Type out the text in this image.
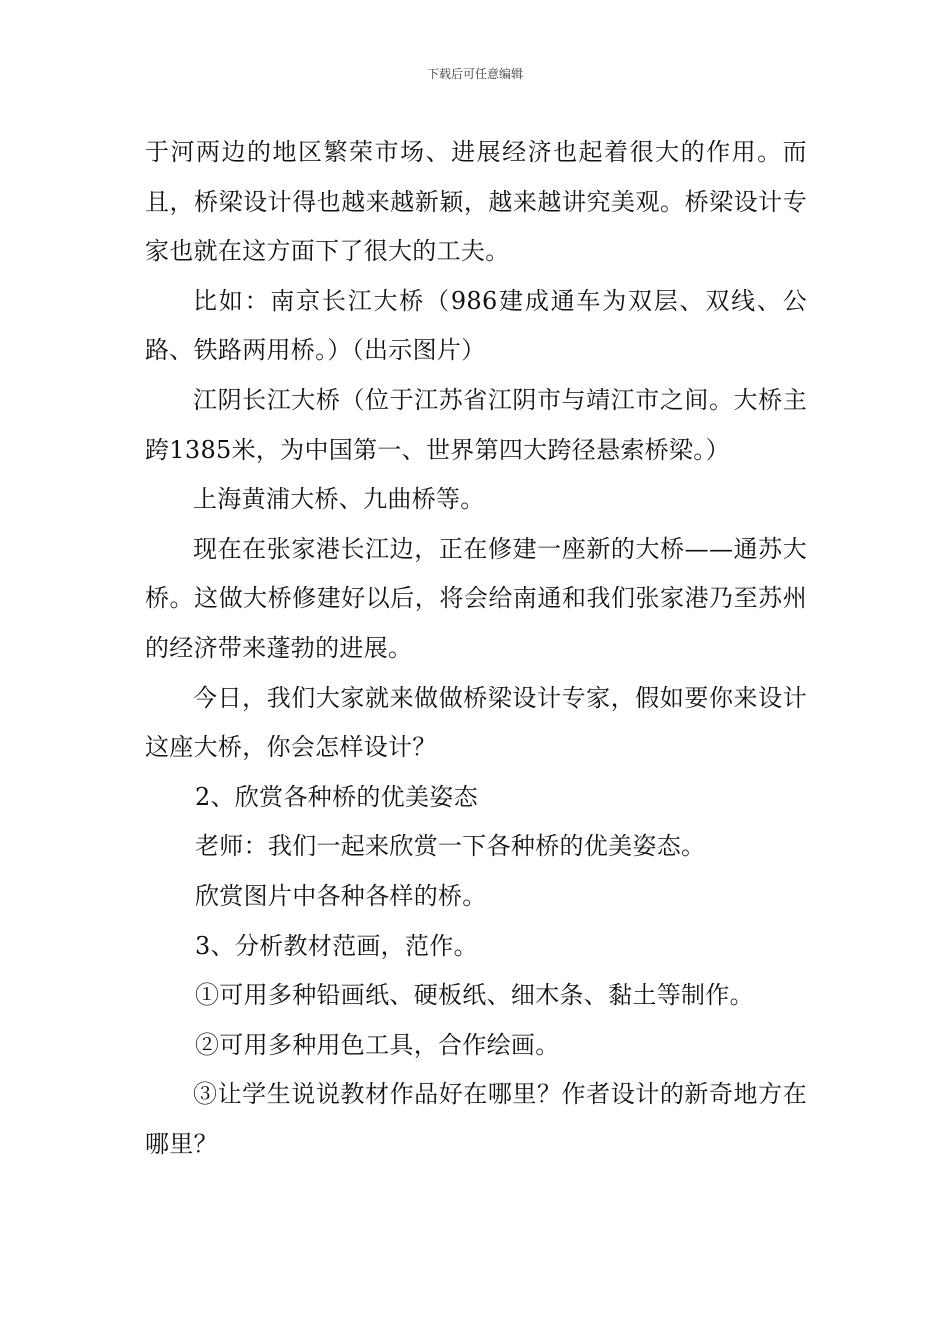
下载后可任意编辑

于河两边的地区繁荣市场、进展经济也起着很大的作用。而且，桥梁设计得也越来越新颖，越来越讲究美观。桥梁设计专家也就在这方面下了很大的工夫。

比如：南京长江大桥（986建成通车为双层、双线、公路、铁路两用桥。）（出示图片）

江阴长江大桥（位于江苏省江阴市与靖江市之间。大桥主跨1385米，为中国第一、世界第四大跨径悬索桥梁。）

上海黄浦大桥、九曲桥等。

现在在张家港长江边，正在修建一座新的大桥——通苏大桥。这做大桥修建好以后，将会给南通和我们张家港乃至苏州的经济带来蓬勃的进展。

今日，我们大家就来做做桥梁设计专家，假如要你来设计这座大桥，你会怎样设计？

2、欣赏各种桥的优美姿态

老师：我们一起来欣赏一下各种桥的优美姿态。

欣赏图片中各种各样的桥。

3、分析教材范画，范作。

①可用多种铅画纸、硬板纸、细木条、黏土等制作。

②可用多种用色工具，合作绘画。

③让学生说说教材作品好在哪里？作者设计的新奇地方在哪里？
